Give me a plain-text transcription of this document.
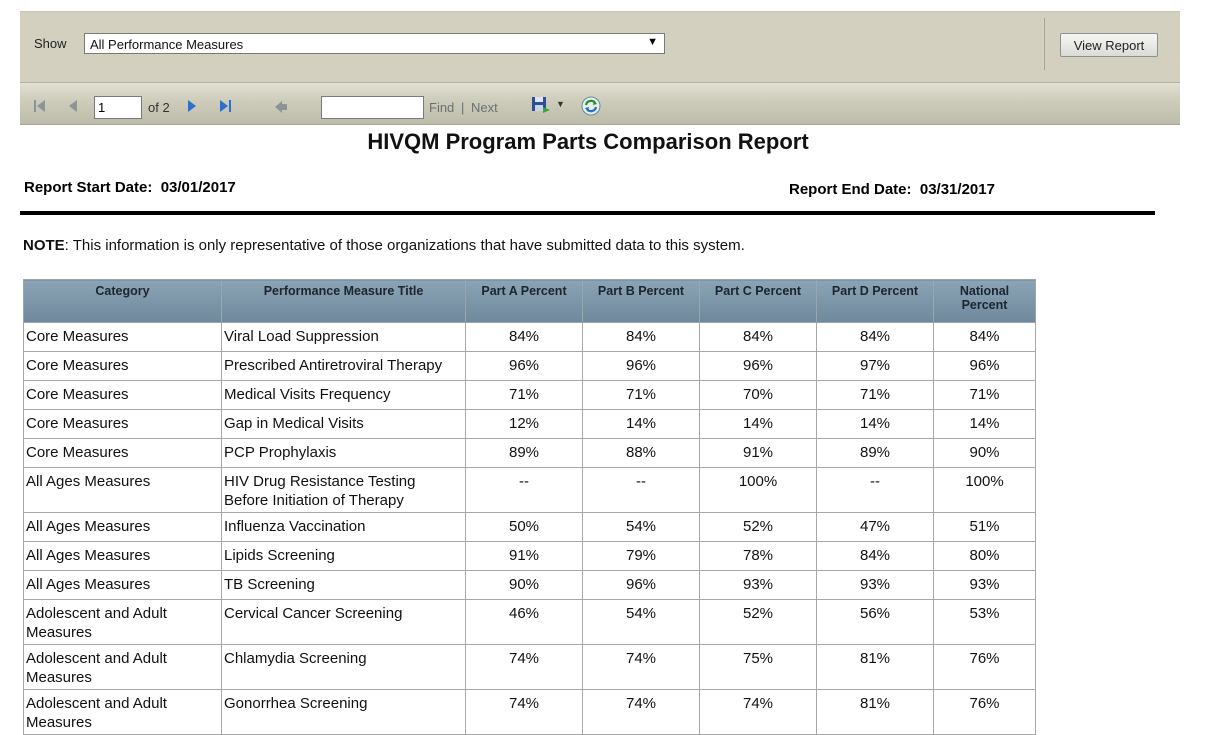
Show	All Performance Measures	▼	View Report
1
of 2	Find | Next	▼
HIVQM Program Parts Comparison Report
Report Start Date: 03/01/2017	Report End Date: 03/31/2017
NOTE: This information is only representative of those organizations that have submitted data to this system.
Category	Performance Measure Title	Part A Percent	Part B Percent	Part C Percent	Part D Percent	National Percent
Core Measures	Viral Load Suppression	84%	84%	84%	84%	84%
Core Measures	Prescribed Antiretroviral Therapy	96%	96%	96%	97%	96%
Core Measures	Medical Visits Frequency	71%	71%	70%	71%	71%
Core Measures	Gap in Medical Visits	12%	14%	14%	14%	14%
Core Measures	PCP Prophylaxis	89%	88%	91%	89%	90%
All Ages Measures	HIV Drug Resistance Testing Before Initiation of Therapy	--	--	100%	--	100%
All Ages Measures	Influenza Vaccination	50%	54%	52%	47%	51%
All Ages Measures	Lipids Screening	91%	79%	78%	84%	80%
All Ages Measures	TB Screening	90%	96%	93%	93%	93%
Adolescent and Adult Measures	Cervical Cancer Screening	46%	54%	52%	56%	53%
Adolescent and Adult Measures	Chlamydia Screening	74%	74%	75%	81%	76%
Adolescent and Adult Measures	Gonorrhea Screening	74%	74%	74%	81%	76%
